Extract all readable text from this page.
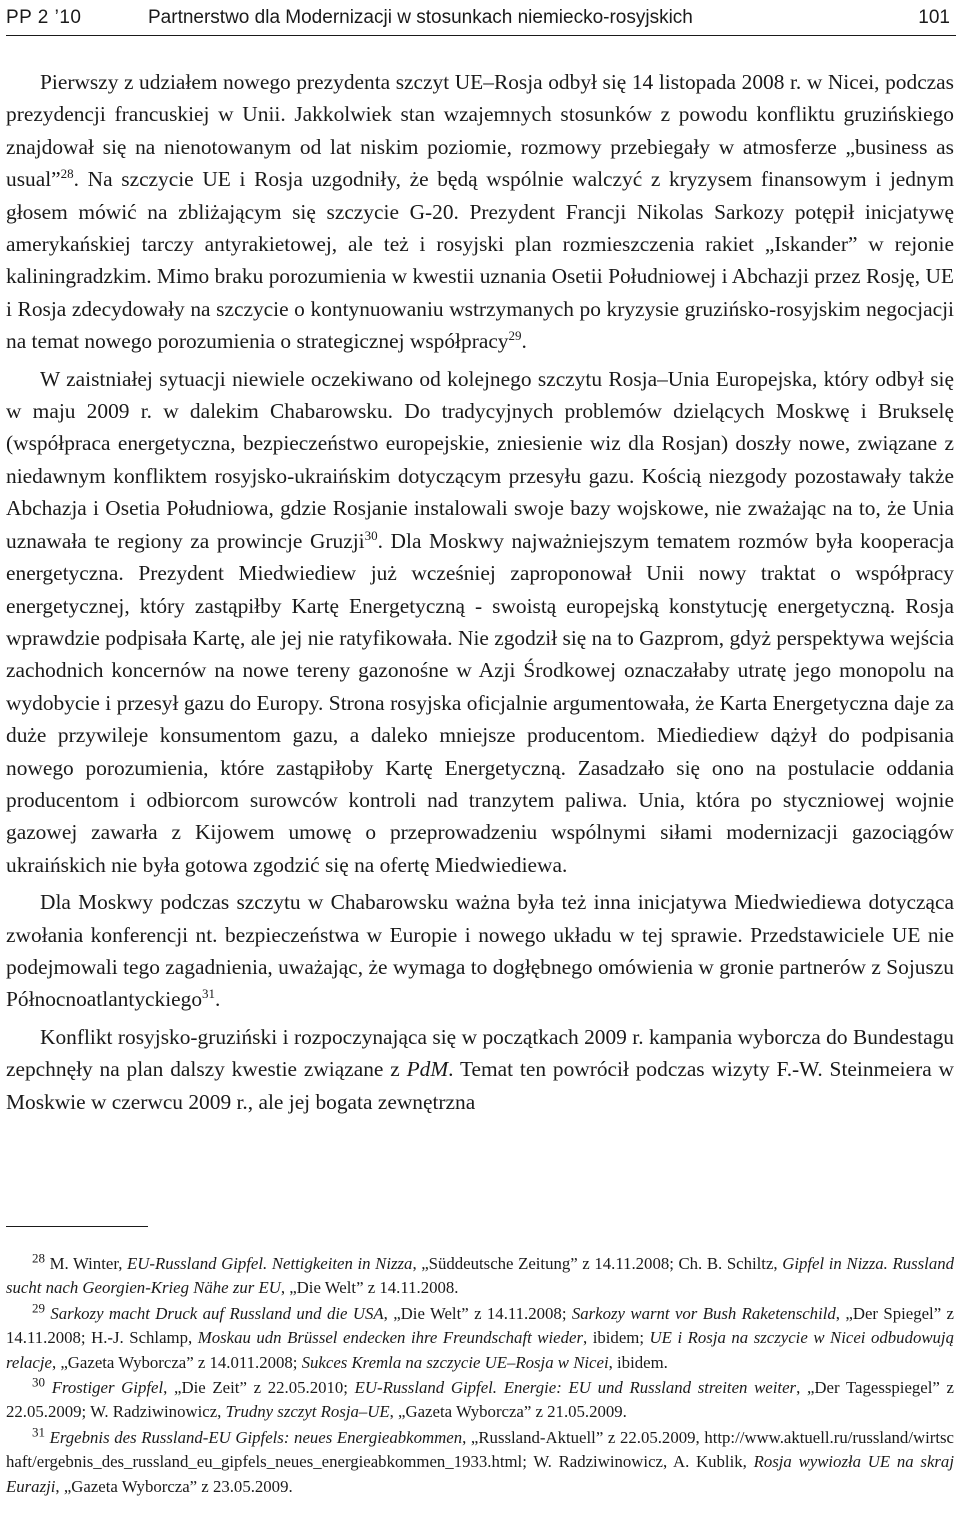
PP 2 ’10	Partnerstwo dla Modernizacji w stosunkach niemiecko-rosyjskich	101

Pierwszy z udziałem nowego prezydenta szczyt UE–Rosja odbył się 14 listopada 2008 r. w Nicei, podczas prezydencji francuskiej w Unii. Jakkolwiek stan wzajemnych stosunków z powodu konfliktu gruzińskiego znajdował się na nienotowanym od lat niskim poziomie, rozmowy przebiegały w atmosferze „business as usual”$^{28}$. Na szczycie UE i Rosja uzgodniły, że będą wspólnie walczyć z kryzysem finansowym i jednym głosem mówić na zbliżającym się szczycie G-20. Prezydent Francji Nikolas Sarkozy potępił inicjatywę amerykańskiej tarczy antyrakietowej, ale też i rosyjski plan rozmieszczenia rakiet „Iskander” w rejonie kaliningradzkim. Mimo braku porozumienia w kwestii uznania Osetii Południowej i Abchazji przez Rosję, UE i Rosja zdecydowały na szczycie o kontynuowaniu wstrzymanych po kryzysie gruzińsko-rosyjskim negocjacji na temat nowego porozumienia o strategicznej współpracy$^{29}$.

W zaistniałej sytuacji niewiele oczekiwano od kolejnego szczytu Rosja–Unia Europejska, który odbył się w maju 2009 r. w dalekim Chabarowsku. Do tradycyjnych problemów dzielących Moskwę i Brukselę (współpraca energetyczna, bezpieczeństwo europejskie, zniesienie wiz dla Rosjan) doszły nowe, związane z niedawnym konfliktem rosyjsko-ukraińskim dotyczącym przesyłu gazu. Kością niezgody pozostawały także Abchazja i Osetia Południowa, gdzie Rosjanie instalowali swoje bazy wojskowe, nie zważając na to, że Unia uznawała te regiony za prowincje Gruzji$^{30}$. Dla Moskwy najważniejszym tematem rozmów była kooperacja energetyczna. Prezydent Miedwiediew już wcześniej zaproponował Unii nowy traktat o współpracy energetycznej, który zastąpiłby Kartę Energetyczną - swoistą europejską konstytucję energetyczną. Rosja wprawdzie podpisała Kartę, ale jej nie ratyfikowała. Nie zgodził się na to Gazprom, gdyż perspektywa wejścia zachodnich koncernów na nowe tereny gazonośne w Azji Środkowej oznaczałaby utratę jego monopolu na wydobycie i przesył gazu do Europy. Strona rosyjska oficjalnie argumentowała, że Karta Energetyczna daje za duże przywileje konsumentom gazu, a daleko mniejsze producentom. Miediediew dążył do podpisania nowego porozumienia, które zastąpiłoby Kartę Energetyczną. Zasadzało się ono na postulacie oddania producentom i odbiorcom surowców kontroli nad tranzytem paliwa. Unia, która po styczniowej wojnie gazowej zawarła z Kijowem umowę o przeprowadzeniu wspólnymi siłami modernizacji gazociągów ukraińskich nie była gotowa zgodzić się na ofertę Miedwiediewa.

Dla Moskwy podczas szczytu w Chabarowsku ważna była też inna inicjatywa Miedwiediewa dotycząca zwołania konferencji nt. bezpieczeństwa w Europie i nowego układu w tej sprawie. Przedstawiciele UE nie podejmowali tego zagadnienia, uważając, że wymaga to dogłębnego omówienia w gronie partnerów z Sojuszu Północnoatlantyckiego$^{31}$.

Konflikt rosyjsko-gruziński i rozpoczynająca się w początkach 2009 r. kampania wyborcza do Bundestagu zepchnęły na plan dalszy kwestie związane z PdM. Temat ten powrócił podczas wizyty F.-W. Steinmeiera w Moskwie w czerwcu 2009 r., ale jej bogata zewnętrzna

$^{28}$ M. Winter, EU-Russland Gipfel. Nettigkeiten in Nizza, „Süddeutsche Zeitung” z 14.11.2008; Ch. B. Schiltz, Gipfel in Nizza. Russland sucht nach Georgien-Krieg Nähe zur EU, „Die Welt” z 14.11.2008.

$^{29}$ Sarkozy macht Druck auf Russland und die USA, „Die Welt” z 14.11.2008; Sarkozy warnt vor Bush Raketenschild, „Der Spiegel” z 14.11.2008; H.-J. Schlamp, Moskau udn Brüssel endecken ihre Freundschaft wieder, ibidem; UE i Rosja na szczycie w Nicei odbudowują relacje, „Gazeta Wyborcza” z 14.011.2008; Sukces Kremla na szczycie UE–Rosja w Nicei, ibidem.

$^{30}$ Frostiger Gipfel, „Die Zeit” z 22.05.2010; EU-Russland Gipfel. Energie: EU und Russland streiten weiter, „Der Tagesspiegel” z 22.05.2009; W. Radziwinowicz, Trudny szczyt Rosja–UE, „Gazeta Wyborcza” z 21.05.2009.

$^{31}$ Ergebnis des Russland-EU Gipfels: neues Energieabkommen, „Russland-Aktuell” z 22.05.2009, http://www.aktuell.ru/russland/wirtschaft/ergebnis_des_russland_eu_gipfels_neues_energieabkommen_1933.html; W. Radziwinowicz, A. Kublik, Rosja wywiozła UE na skraj Eurazji, „Gazeta Wyborcza” z 23.05.2009.
